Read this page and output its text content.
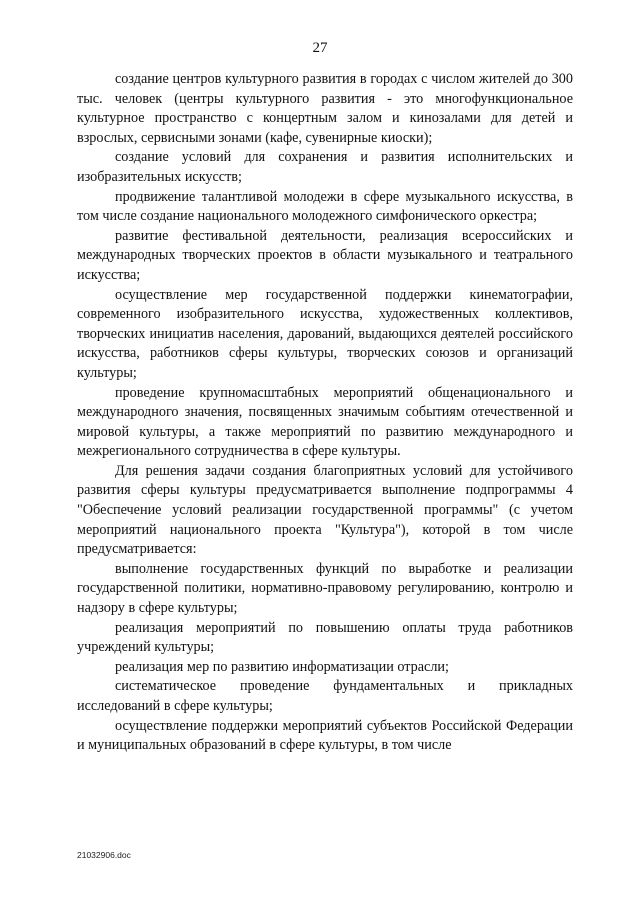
27

создание центров культурного развития в городах с числом жителей до 300 тыс. человек (центры культурного развития - это многофункциональное культурное пространство с концертным залом и кинозалами для детей и взрослых, сервисными зонами (кафе, сувенирные киоски);

создание условий для сохранения и развития исполнительских и изобразительных искусств;

продвижение талантливой молодежи в сфере музыкального искусства, в том числе создание национального молодежного симфонического оркестра;

развитие фестивальной деятельности, реализация всероссийских и международных творческих проектов в области музыкального и театрального искусства;

осуществление мер государственной поддержки кинематографии, современного изобразительного искусства, художественных коллективов, творческих инициатив населения, дарований, выдающихся деятелей российского искусства, работников сферы культуры, творческих союзов и организаций культуры;

проведение крупномасштабных мероприятий общенационального и международного значения, посвященных значимым событиям отечественной и мировой культуры, а также мероприятий по развитию международного и межрегионального сотрудничества в сфере культуры.

Для решения задачи создания благоприятных условий для устойчивого развития сферы культуры предусматривается выполнение подпрограммы 4 "Обеспечение условий реализации государственной программы" (с учетом мероприятий национального проекта "Культура"), которой в том числе предусматривается:

выполнение государственных функций по выработке и реализации государственной политики, нормативно-правовому регулированию, контролю и надзору в сфере культуры;

реализация мероприятий по повышению оплаты труда работников учреждений культуры;

реализация мер по развитию информатизации отрасли;

систематическое проведение фундаментальных и прикладных исследований в сфере культуры;

осуществление поддержки мероприятий субъектов Российской Федерации и муниципальных образований в сфере культуры, в том числе

21032906.doc
